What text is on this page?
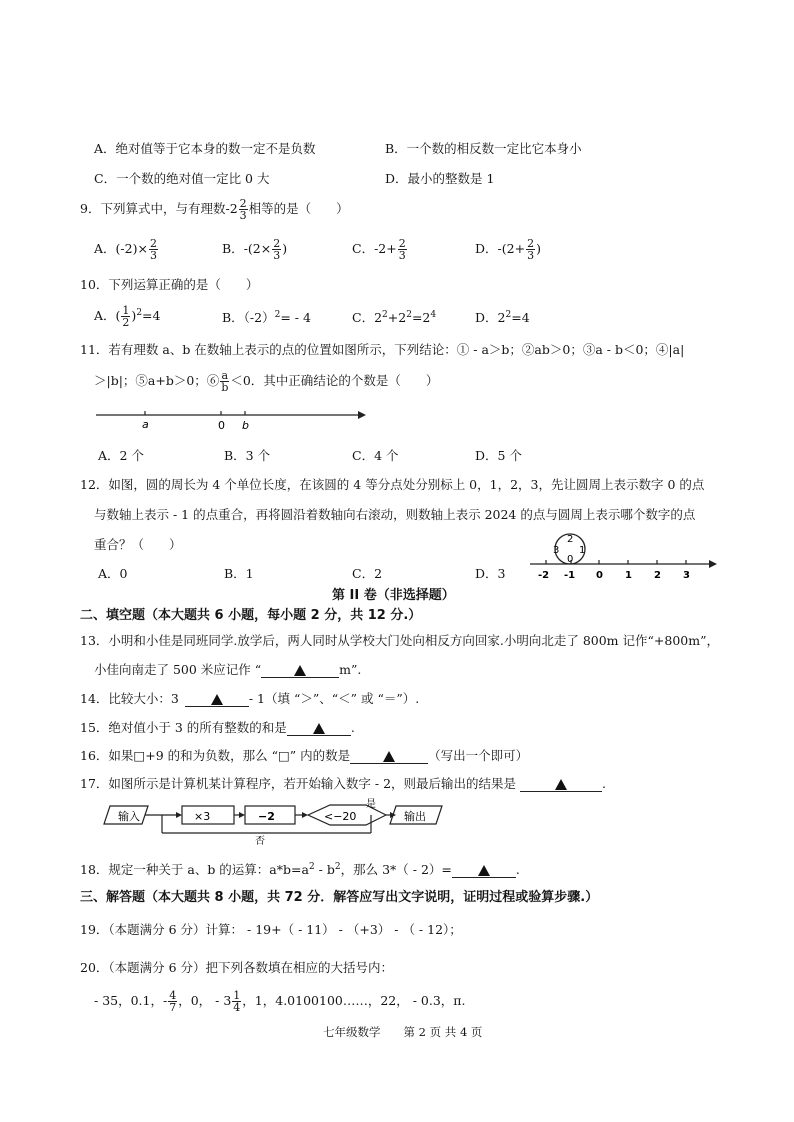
A．绝对值等于它本身的数一定不是负数	B．一个数的相反数一定比它本身小
C．一个数的绝对值一定比 0 大	D．最小的整数是 1
9．下列算式中，与有理数$-2 \frac{2}{3}$ 相等的是（　　）
A．$(-2)\times \frac{2}{3}$	B．$-(2\times \frac{2}{3}$ )	C．$-2+ \frac{2}{3}$	D．$-(2+ \frac{2}{3}$ )
10．下列运算正确的是（　　）
A．( $\frac{1}{2} )^2=4$	B．$(-2)^2= - 4$	C．$2^2+2^2=2^4$	D．$2^2=4$
11．若有理数 a、b 在数轴上表示的点的位置如图所示，下列结论：① - a＞b；②ab＞0；③a - b＜0；④|a|
＞|b|；⑤a+b＞0；⑥ $\frac{a}{b} <0$．其中正确结论的个数是（　　）
a	0 b
A．2 个	B．3 个	C．4 个	D．5 个
12．如图，圆的周长为 4 个单位长度，在该圆的 4 等分点处分别标上 0，1，2，3，先让圆周上表示数字 0 的点
与数轴上表示 - 1 的点重合，再将圆沿着数轴向右滚动，则数轴上表示 2024 的点与圆周上表示哪个数字的点
重合？（　　）
A．0	B．1	C．2	D．3
0
1
2
3
-2 -1 0 1 2 3
第 II 卷（非选择题）
二、填空题（本大题共 6 小题，每小题 2 分，共 12 分.）
13．小明和小佳是同班同学.放学后，两人同时从学校大门处向相反方向回家.小明向北走了 800m 记作“+800m”，
小佳向南走了 500 米应记作 “	m”.
14．比较大小：3	- 1（填 “＞”、“＜” 或 “＝”）.
15．绝对值小于 3 的所有整数的和是	.
16．如果□+9 的和为负数，那么 “□” 内的数是	（写出一个即可）
17．如图所示是计算机某计算程序，若开始输入数字 - 2，则最后输出的结果是	.
输入	×3	−2	<−20
是
输出
否
18．规定一种关于 a、b 的运算：$a*b=a^2 - b^2$，那么 3*（ - 2）=	.
三、解答题（本大题共 8 小题，共 72 分．解答应写出文字说明，证明过程或验算步骤.）
19．（本题满分 6 分）计算： - 19+（ - 11） - （+3） - （ - 12）；
20．（本题满分 6 分）把下列各数填在相应的大括号内：
- 35，0.1，- $\frac{4}{7}$ ，0， - $3 \frac{1}{4}$ ，1，4.0100100……，22， - 0.3，π.
七年级数学　　第 2 页 共 4 页
